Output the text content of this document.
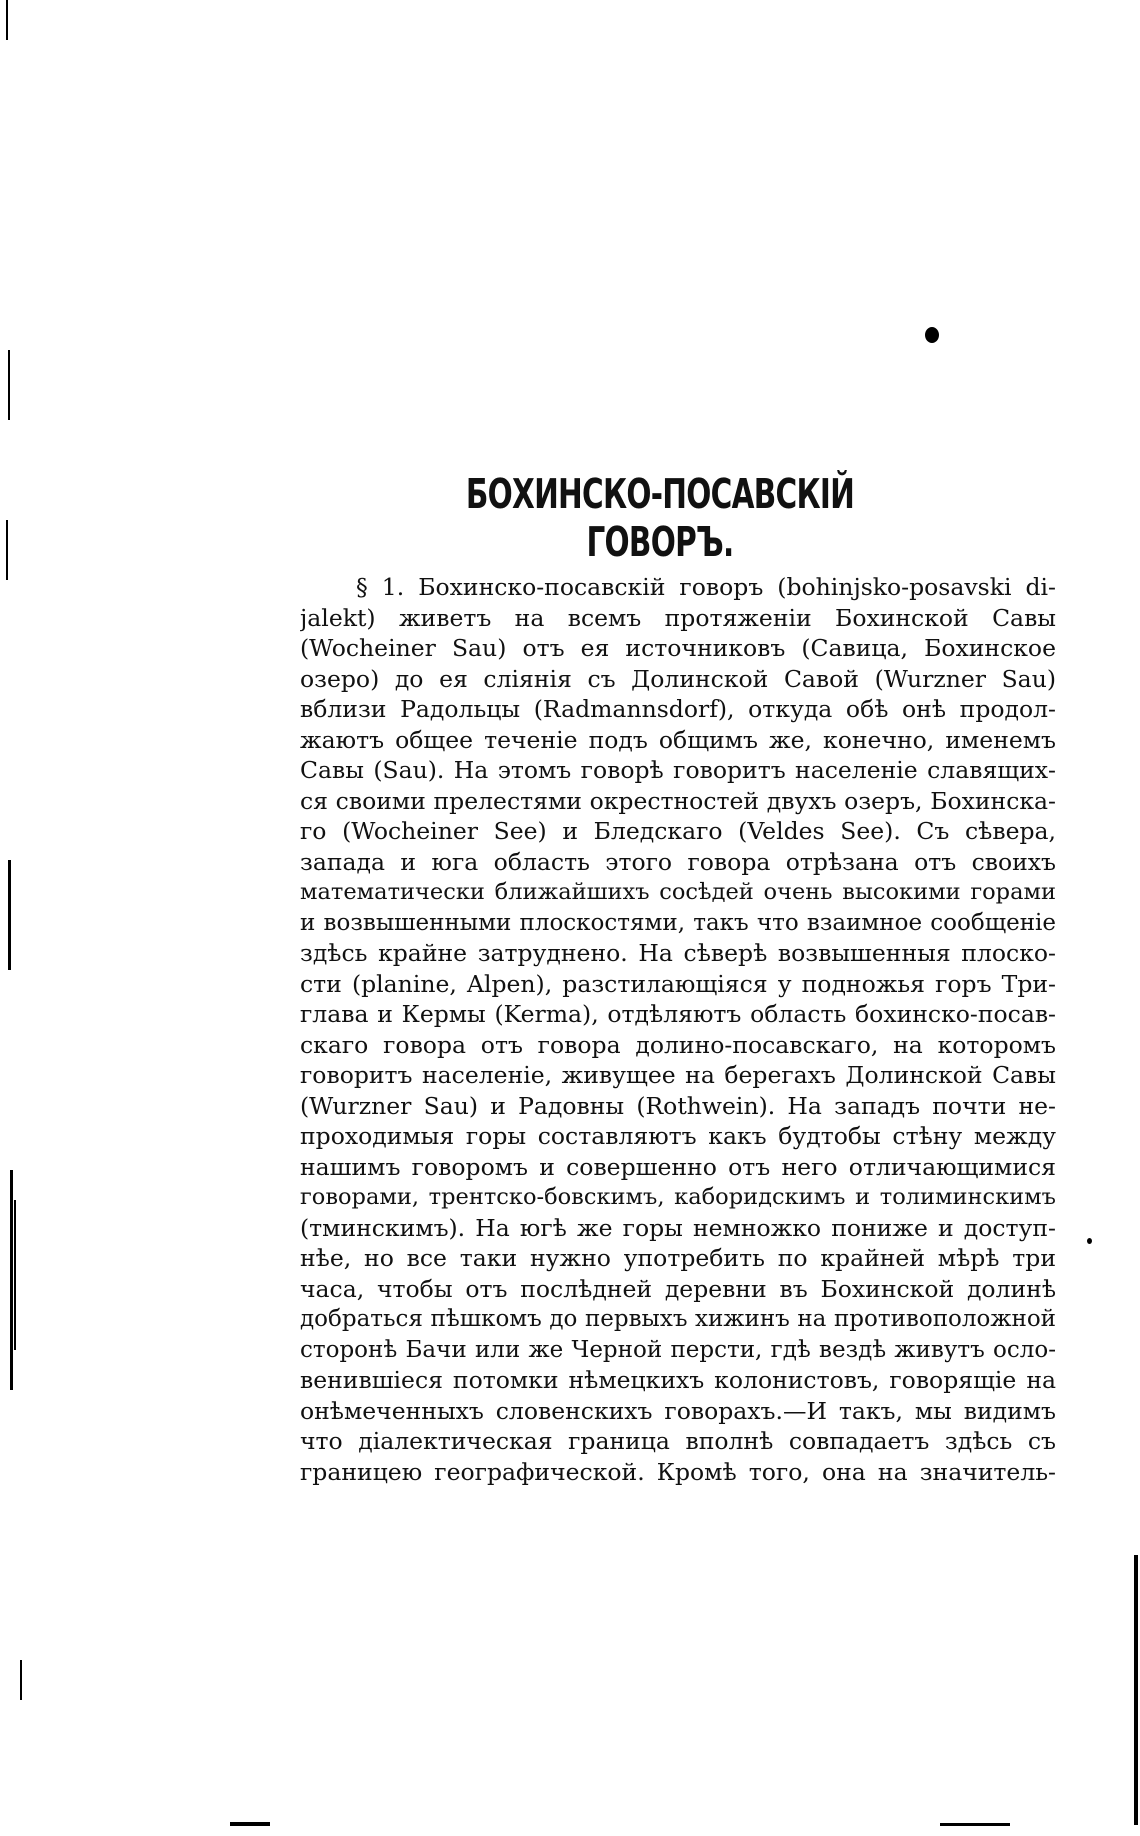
БОХИНСКО-ПОСАВСКІЙ ГОВОРЪ.
§ 1. Бохинско-посавскій говоръ (bohinjsko-posavski di-
jalekt) живетъ на всемъ протяженіи Бохинской Савы
(Wocheiner Sau) отъ ея источниковъ (Савица, Бохинское
озеро) до ея сліянія съ Долинской Савой (Wurzner Sau)
вблизи Радольцы (Radmannsdorf), откуда обѣ онѣ продол-
жаютъ общее теченіе подъ общимъ же, конечно, именемъ
Савы (Sau). На этомъ говорѣ говоритъ населеніе славящих-
ся своими прелестями окрестностей двухъ озеръ, Бохинска-
го (Wocheiner See) и Бледскаго (Veldes See). Съ сѣвера,
запада и юга область этого говора отрѣзана отъ своихъ
математически ближайшихъ сосѣдей очень высокими горами
и возвышенными плоскостями, такъ что взаимное сообщеніе
здѣсь крайне затруднено. На сѣверѣ возвышенныя плоско-
сти (planine, Alpen), разстилающіяся у подножья горъ Три-
главa и Кермы (Kerma), отдѣляютъ область бохинско-посав-
скаго говора отъ говора долино-посавскаго, на которомъ
говоритъ населеніе, живущее на берегахъ Долинской Савы
(Wurzner Sau) и Радовны (Rothwein). На западъ почти не-
проходимыя горы составляютъ какъ будтобы стѣну между
нашимъ говоромъ и совершенно отъ него отличающимися
говорами, трентско-бовскимъ, каборидскимъ и толиминскимъ
(тминскимъ). На югѣ же горы немножко пониже и доступ-
нѣе, но все таки нужно употребить по крайней мѣрѣ три
часа, чтобы отъ послѣдней деревни въ Бохинской долинѣ
добраться пѣшкомъ до первыхъ хижинъ на противоположной
сторонѣ Бачи или же Черной перcти, гдѣ вездѣ живутъ осло-
венившіеся потомки нѣмецкихъ колонистовъ, говорящіе на
онѣмеченныхъ словенскихъ говорахъ.—И такъ, мы видимъ
что діалектическая граница вполнѣ совпадаетъ здѣсь съ
границею географической. Кромѣ того, она на значитель-
